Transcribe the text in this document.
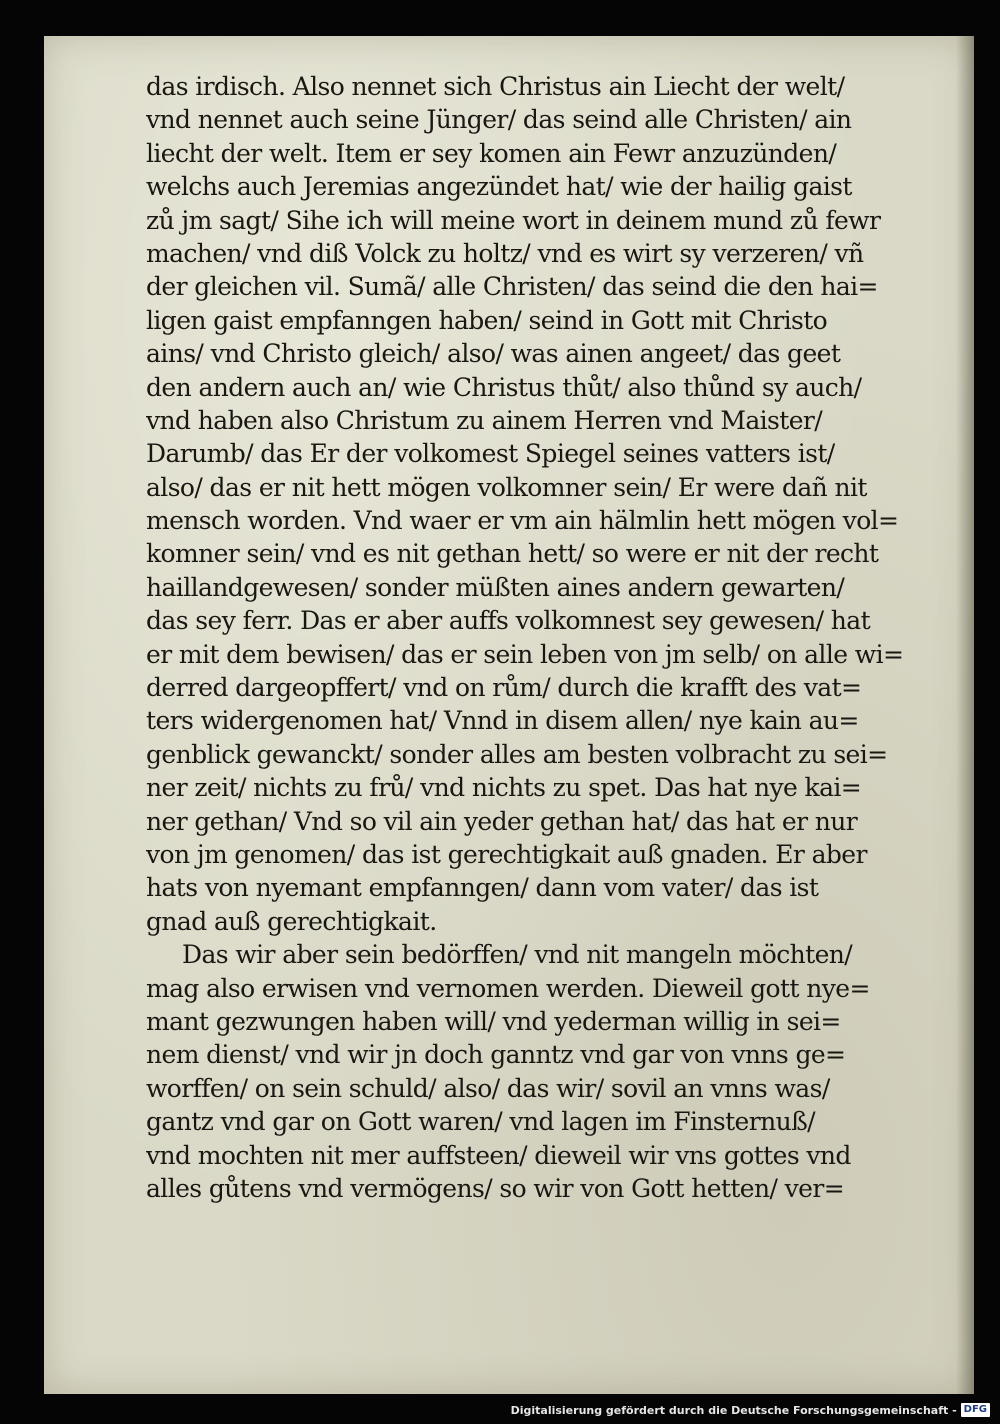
das irdisch. Also nennet sich Christus ain Liecht der welt/
vnd nennet auch seine Jünger/ das seind alle Christen/ ain
liecht der welt. Item er sey komen ain Fewr anzuzünden/
welchs auch Jeremias angezündet hat/ wie der hailig gaist
zů jm sagt/ Sihe ich will meine wort in deinem mund zů fewr
machen/ vnd diß Volck zu holtz/ vnd es wirt sy verzeren/ vñ
der gleichen vil. Sumã/ alle Christen/ das seind die den hai=
ligen gaist empfanngen haben/ seind in Gott mit Christo
ains/ vnd Christo gleich/ also/ was ainen angeet/ das geet
den andern auch an/ wie Christus thůt/ also thůnd sy auch/
vnd haben also Christum zu ainem Herren vnd Maister/
Darumb/ das Er der volkomest Spiegel seines vatters ist/
also/ das er nit hett mögen volkomner sein/ Er were dañ nit
mensch worden. Vnd waer er vm ain hälmlin hett mögen vol=
komner sein/ vnd es nit gethan hett/ so were er nit der recht
haillandgewesen/ sonder müßten aines andern gewarten/
das sey ferr. Das er aber auffs volkomnest sey gewesen/ hat
er mit dem bewisen/ das er sein leben von jm selb/ on alle wi=
derred dargeopffert/ vnd on rům/ durch die krafft des vat=
ters widergenomen hat/ Vnnd in disem allen/ nye kain au=
genblick gewanckt/ sonder alles am besten volbracht zu sei=
ner zeit/ nichts zu frů/ vnd nichts zu spet. Das hat nye kai=
ner gethan/ Vnd so vil ain yeder gethan hat/ das hat er nur
von jm genomen/ das ist gerechtigkait auß gnaden. Er aber
hats von nyemant empfanngen/ dann vom vater/ das ist
gnad auß gerechtigkait.
Das wir aber sein bedörffen/ vnd nit mangeln möchten/
mag also erwisen vnd vernomen werden. Dieweil gott nye=
mant gezwungen haben will/ vnd yederman willig in sei=
nem dienst/ vnd wir jn doch ganntz vnd gar von vnns ge=
worffen/ on sein schuld/ also/ das wir/ sovil an vnns was/
gantz vnd gar on Gott waren/ vnd lagen im Finsternuß/
vnd mochten nit mer auffsteen/ dieweil wir vns gottes vnd
alles gůtens vnd vermögens/ so wir von Gott hetten/ ver=
Digitalisierung gefördert durch die Deutsche Forschungsgemeinschaft - DFG
